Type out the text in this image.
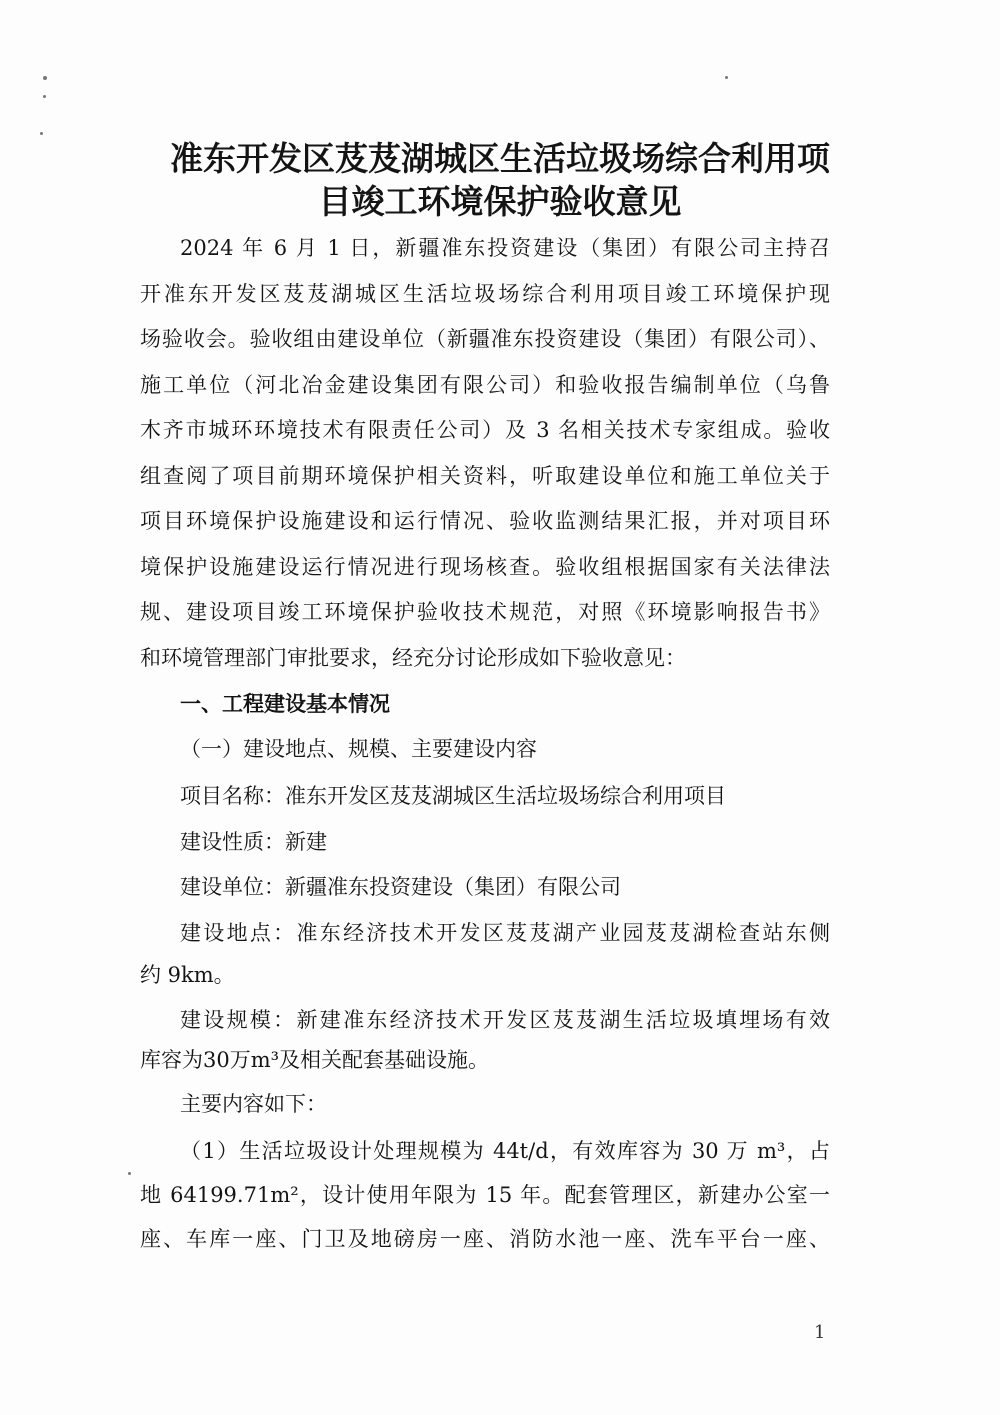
准东开发区芨芨湖城区生活垃圾场综合利用项
目竣工环境保护验收意见
2024 年 6 月 1 日，新疆准东投资建设（集团）有限公司主持召
开准东开发区芨芨湖城区生活垃圾场综合利用项目竣工环境保护现
场验收会。验收组由建设单位（新疆准东投资建设（集团）有限公司）、
施工单位（河北冶金建设集团有限公司）和验收报告编制单位（乌鲁
木齐市城环环境技术有限责任公司）及 3 名相关技术专家组成。验收
组查阅了项目前期环境保护相关资料，听取建设单位和施工单位关于
项目环境保护设施建设和运行情况、验收监测结果汇报，并对项目环
境保护设施建设运行情况进行现场核查。验收组根据国家有关法律法
规、建设项目竣工环境保护验收技术规范，对照《环境影响报告书》
和环境管理部门审批要求，经充分讨论形成如下验收意见：
一、工程建设基本情况
（一）建设地点、规模、主要建设内容
项目名称：准东开发区芨芨湖城区生活垃圾场综合利用项目
建设性质：新建
建设单位：新疆准东投资建设（集团）有限公司
建设地点：准东经济技术开发区芨芨湖产业园芨芨湖检查站东侧
约 9km。
建设规模：新建准东经济技术开发区芨芨湖生活垃圾填埋场有效
库容为30万m³及相关配套基础设施。
主要内容如下：
（1）生活垃圾设计处理规模为 44t/d，有效库容为 30 万 m³，占
地 64199.71m²，设计使用年限为 15 年。配套管理区，新建办公室一
座、车库一座、门卫及地磅房一座、消防水池一座、洗车平台一座、
1
